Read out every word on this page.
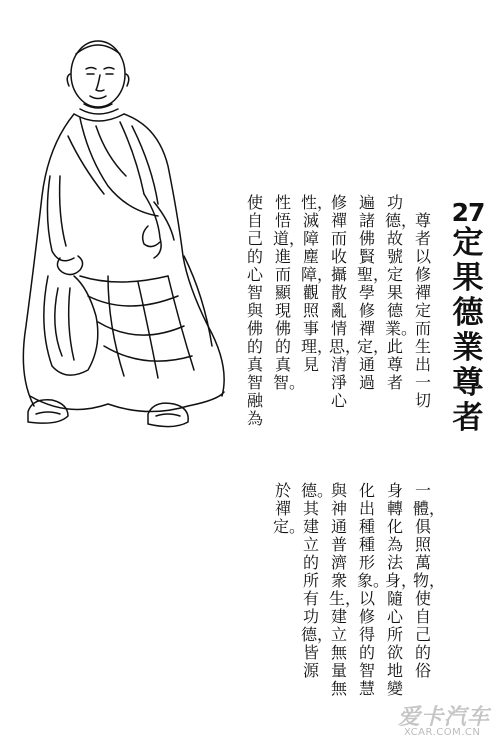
27
定果德業尊者
尊者以修禪定而生出一切
功德，故號定果德業。此尊者
遍諸佛賢聖，學修禪定，通過
修禪而收攝散亂情思，清淨心
性，滅障塵障，觀照事理，見
性悟道，進而顯現佛的真智。
使自己的心智與佛的真智融為
一體，俱照萬物，使自己的俗
身轉化為法身，隨心所欲地變
化出種種形象。以修得的智慧
與神通普濟衆生，建立無量無
德。其建立的所有功德，皆源
於禪定。
爱卡汽车
XCAR.COM.CN
